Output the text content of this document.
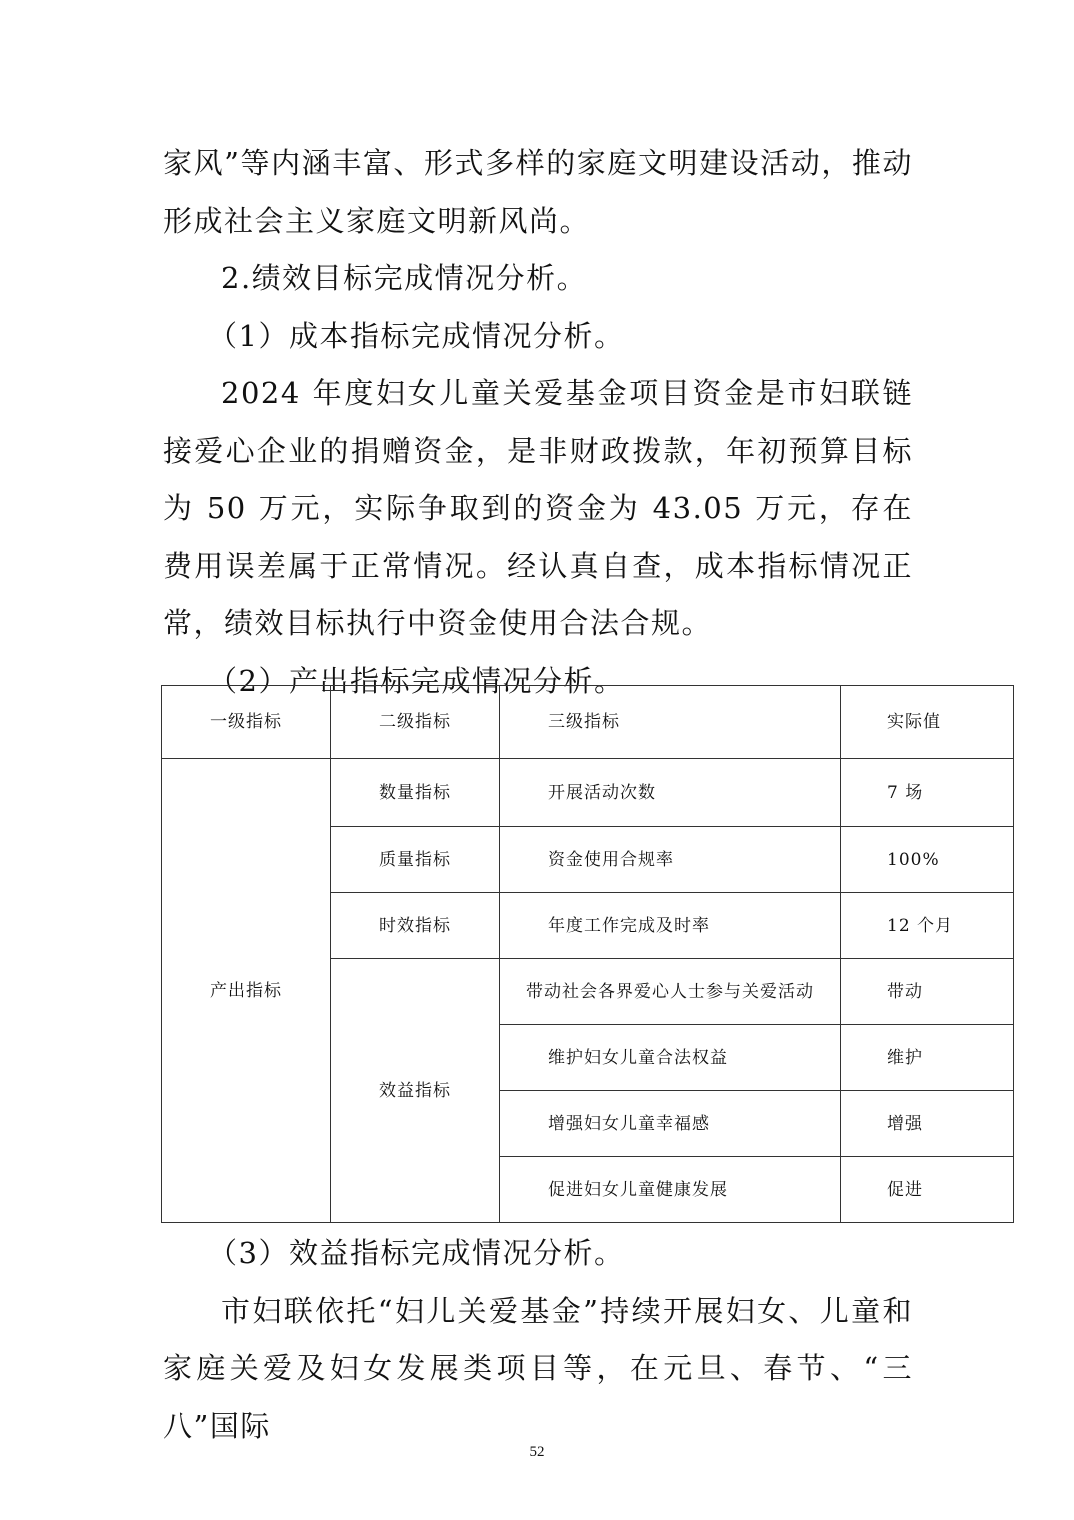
家风”等内涵丰富、形式多样的家庭文明建设活动，推动形成社会主义家庭文明新风尚。

2.绩效目标完成情况分析。

（1）成本指标完成情况分析。

2024 年度妇女儿童关爱基金项目资金是市妇联链接爱心企业的捐赠资金，是非财政拨款，年初预算目标为 50 万元，实际争取到的资金为 43.05 万元，存在费用误差属于正常情况。经认真自查，成本指标情况正常，绩效目标执行中资金使用合法合规。

（2）产出指标完成情况分析。

一级指标	二级指标	三级指标	实际值
产出指标	数量指标	开展活动次数	7 场
	质量指标	资金使用合规率	100%
	时效指标	年度工作完成及时率	12 个月
	效益指标	带动社会各界爱心人士参与关爱活动	带动
		维护妇女儿童合法权益	维护
		增强妇女儿童幸福感	增强
		促进妇女儿童健康发展	促进

（3）效益指标完成情况分析。

市妇联依托“妇儿关爱基金”持续开展妇女、儿童和家庭关爱及妇女发展类项目等，在元旦、春节、“三八”国际

52
